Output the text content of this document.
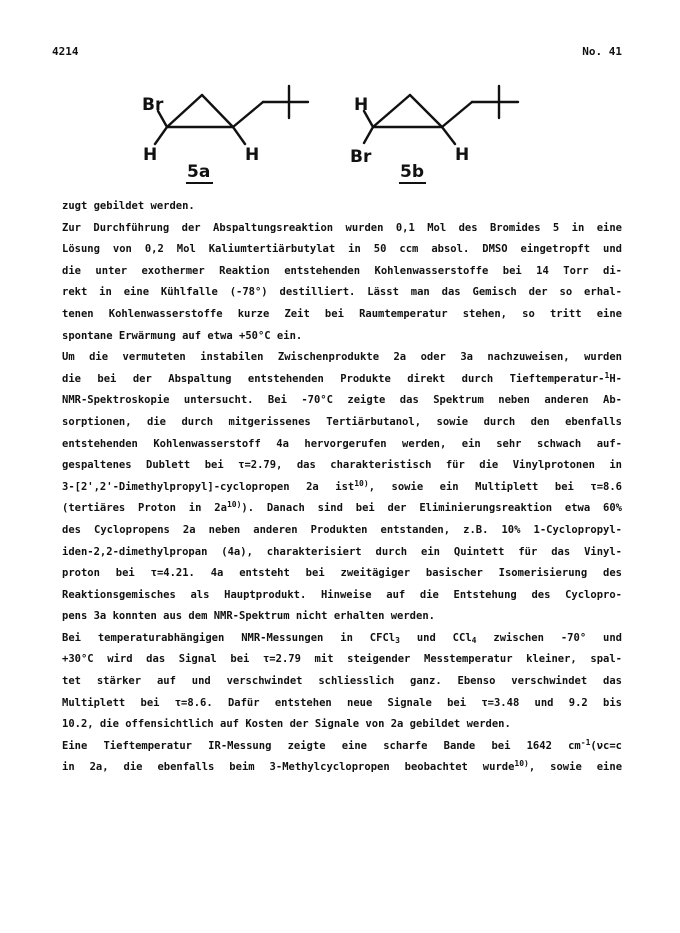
4214	No. 41
Br
H	H
5a
H
Br	H
5b
zugt gebildet werden.
Zur Durchführung der Abspaltungsreaktion wurden 0,1 Mol des Bromides 5 in eine
Lösung von 0,2 Mol Kaliumtertiärbutylat in 50 ccm absol. DMSO eingetropft und
die unter exothermer Reaktion entstehenden Kohlenwasserstoffe bei 14 Torr di-
rekt in eine Kühlfalle (-78°) destilliert. Lässt man das Gemisch der so erhal-
tenen Kohlenwasserstoffe kurze Zeit bei Raumtemperatur stehen, so tritt eine
spontane Erwärmung auf etwa +50°C ein.
Um die vermuteten instabilen Zwischenprodukte 2a oder 3a nachzuweisen, wurden
die bei der Abspaltung entstehenden Produkte direkt durch Tieftemperatur-$^1$H-
NMR-Spektroskopie untersucht. Bei -70°C zeigte das Spektrum neben anderen Ab-
sorptionen, die durch mitgerissenes Tertiärbutanol, sowie durch den ebenfalls
entstehenden Kohlenwasserstoff 4a hervorgerufen werden, ein sehr schwach auf-
gespaltenes Dublett bei τ=2.79, das charakteristisch für die Vinylprotonen in
3-[2',2'-Dimethylpropyl]-cyclopropen 2a ist$^{10)}$, sowie ein Multiplett bei τ=8.6
(tertiäres Proton in $2a^{10)}$). Danach sind bei der Eliminierungsreaktion etwa 60%
des Cyclopropens 2a neben anderen Produkten entstanden, z.B. 10% 1-Cyclopropyl-
iden-2,2-dimethylpropan (4a), charakterisiert durch ein Quintett für das Vinyl-
proton bei τ=4.21. 4a entsteht bei zweitägiger basischer Isomerisierung des
Reaktionsgemisches als Hauptprodukt. Hinweise auf die Entstehung des Cyclopro-
pens 3a konnten aus dem NMR-Spektrum nicht erhalten werden.
Bei temperaturabhängigen NMR-Messungen in CFCl$_3$ und CCl$_4$ zwischen -70° und
+30°C wird das Signal bei τ=2.79 mit steigender Messtemperatur kleiner, spal-
tet stärker auf und verschwindet schliesslich ganz. Ebenso verschwindet das
Multiplett bei τ=8.6. Dafür entstehen neue Signale bei τ=3.48 und 9.2 bis
10.2, die offensichtlich auf Kosten der Signale von 2a gebildet werden.
Eine Tieftemperatur IR-Messung zeigte eine scharfe Bande bei 1642 $cm^{-1}(\nu c=c$
in 2a, die ebenfalls beim 3-Methylcyclopropen beobachtet wurde$^{10)}$, sowie eine
